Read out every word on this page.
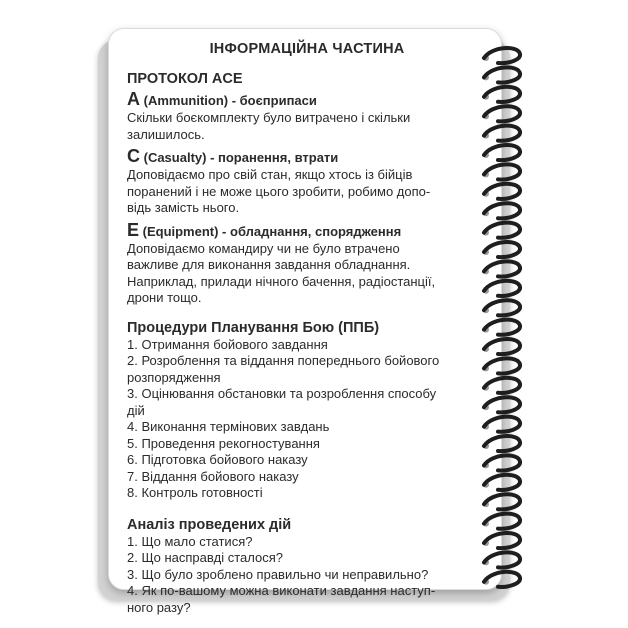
ІНФОРМАЦІЙНА ЧАСТИНА
ПРОТОКОЛ ACE
A (Ammunition) - боєприпаси

Скільки боєкомплекту було витрачено і скільки

залишилось.

C (Casualty) - поранення, втрати

Доповідаємо про свій стан, якщо хтось із бійців

поранений і не може цього зробити, робимо допо-

відь замість нього.

E (Equipment) - обладнання, спорядження

Доповідаємо командиру чи не було втрачено

важливе для виконання завдання обладнання.

Наприклад, прилади нічного бачення, радіостанції,

дрони тощо.

Процедури Планування Бою (ППБ)
1. Отримання бойового завдання
2. Розроблення та віддання попереднього бойового
розпорядження
3. Оцінювання обстановки та розроблення способу
дій
4. Виконання термінових завдань
5. Проведення рекогностування
6. Підготовка бойового наказу
7. Віддання бойового наказу
8. Контроль готовності
Аналіз проведених дій
1. Що мало статися?
2. Що насправді сталося?
3. Що було зроблено правильно чи неправильно?
4. Як по-вашому можна виконати завдання наступ-
ного разу?
